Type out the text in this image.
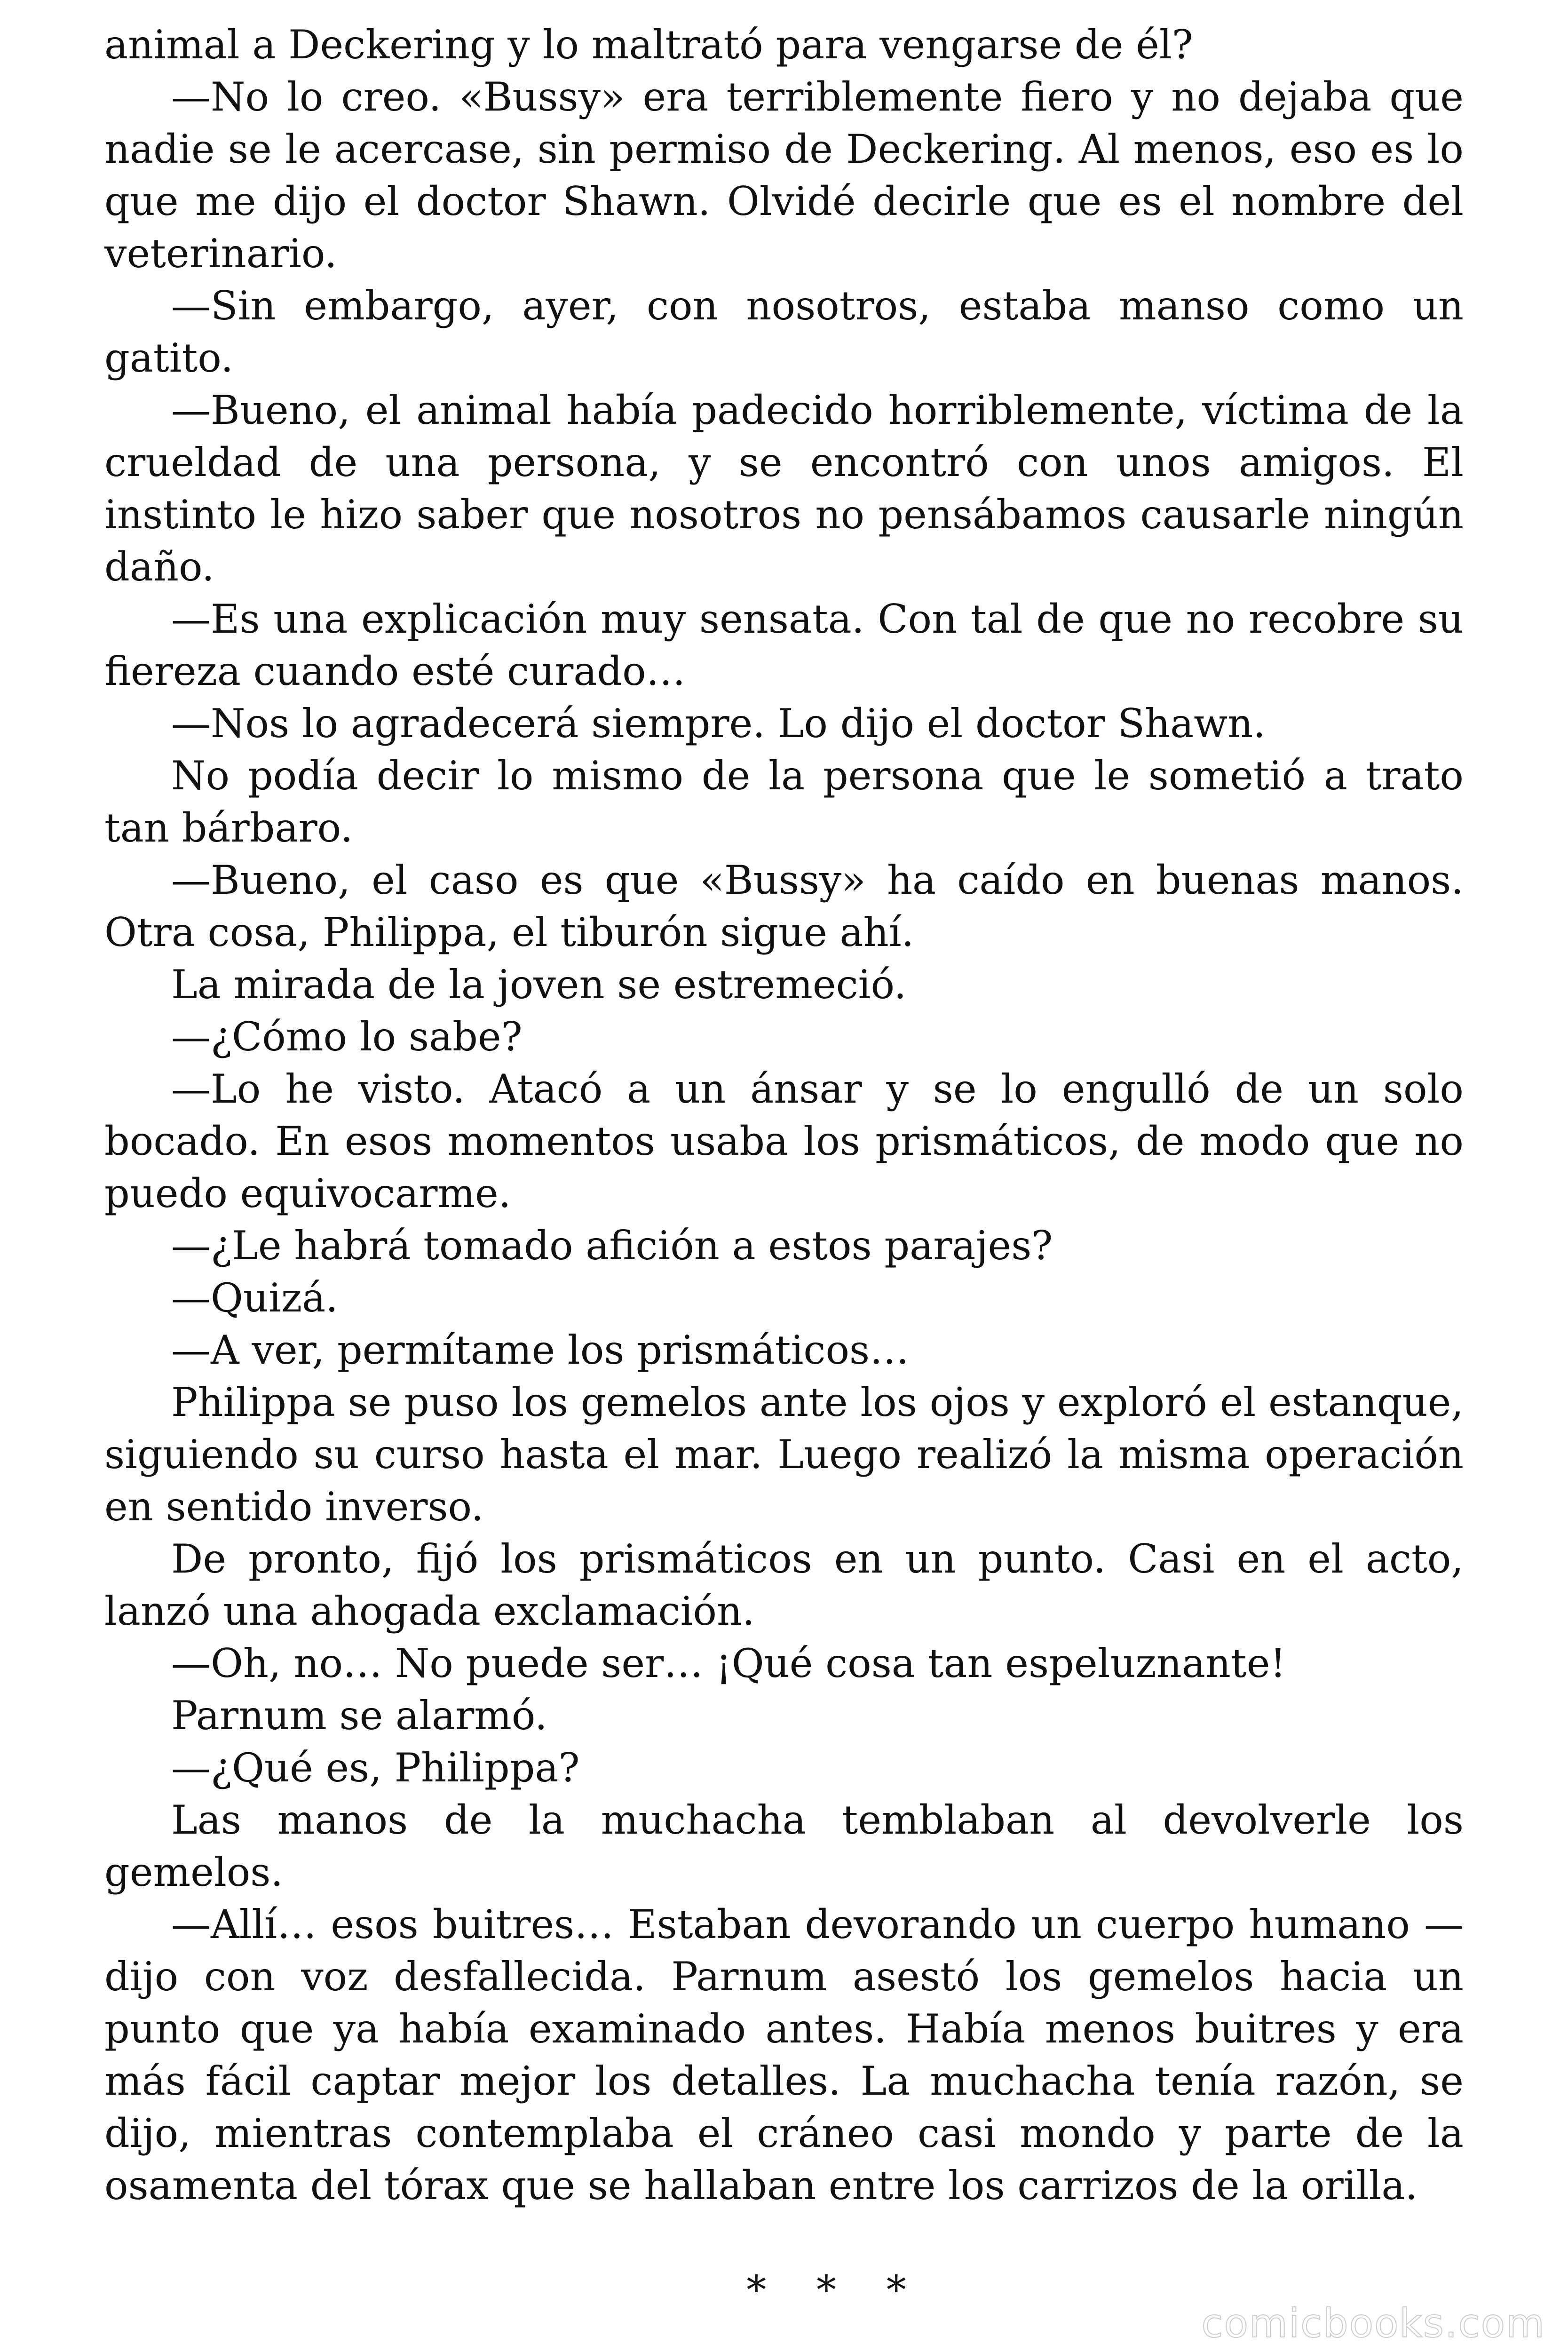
animal a Deckering y lo maltrató para vengarse de él?

—No lo creo. «Bussy» era terriblemente fiero y no dejaba que nadie se le acercase, sin permiso de Deckering. Al menos, eso es lo que me dijo el doctor Shawn. Olvidé decirle que es el nombre del veterinario.

—Sin embargo, ayer, con nosotros, estaba manso como un gatito.

—Bueno, el animal había padecido horriblemente, víctima de la crueldad de una persona, y se encontró con unos amigos. El instinto le hizo saber que nosotros no pensábamos causarle ningún daño.

—Es una explicación muy sensata. Con tal de que no recobre su fiereza cuando esté curado…

—Nos lo agradecerá siempre. Lo dijo el doctor Shawn.

No podía decir lo mismo de la persona que le sometió a trato tan bárbaro.

—Bueno, el caso es que «Bussy» ha caído en buenas manos. Otra cosa, Philippa, el tiburón sigue ahí.

La mirada de la joven se estremeció.

—¿Cómo lo sabe?

—Lo he visto. Atacó a un ánsar y se lo engulló de un solo bocado. En esos momentos usaba los prismáticos, de modo que no puedo equivocarme.

—¿Le habrá tomado afición a estos parajes?

—Quizá.

—A ver, permítame los prismáticos…

Philippa se puso los gemelos ante los ojos y exploró el estanque, siguiendo su curso hasta el mar. Luego realizó la misma operación en sentido inverso.

De pronto, fijó los prismáticos en un punto. Casi en el acto, lanzó una ahogada exclamación.

—Oh, no… No puede ser… ¡Qué cosa tan espeluznante!

Parnum se alarmó.

—¿Qué es, Philippa?

Las manos de la muchacha temblaban al devolverle los gemelos.

—Allí… esos buitres… Estaban devorando un cuerpo humano —dijo con voz desfallecida. Parnum asestó los gemelos hacia un punto que ya había examinado antes. Había menos buitres y era más fácil captar mejor los detalles. La muchacha tenía razón, se dijo, mientras contemplaba el cráneo casi mondo y parte de la osamenta del tórax que se hallaban entre los carrizos de la orilla.

* * *

comicbooks.com
